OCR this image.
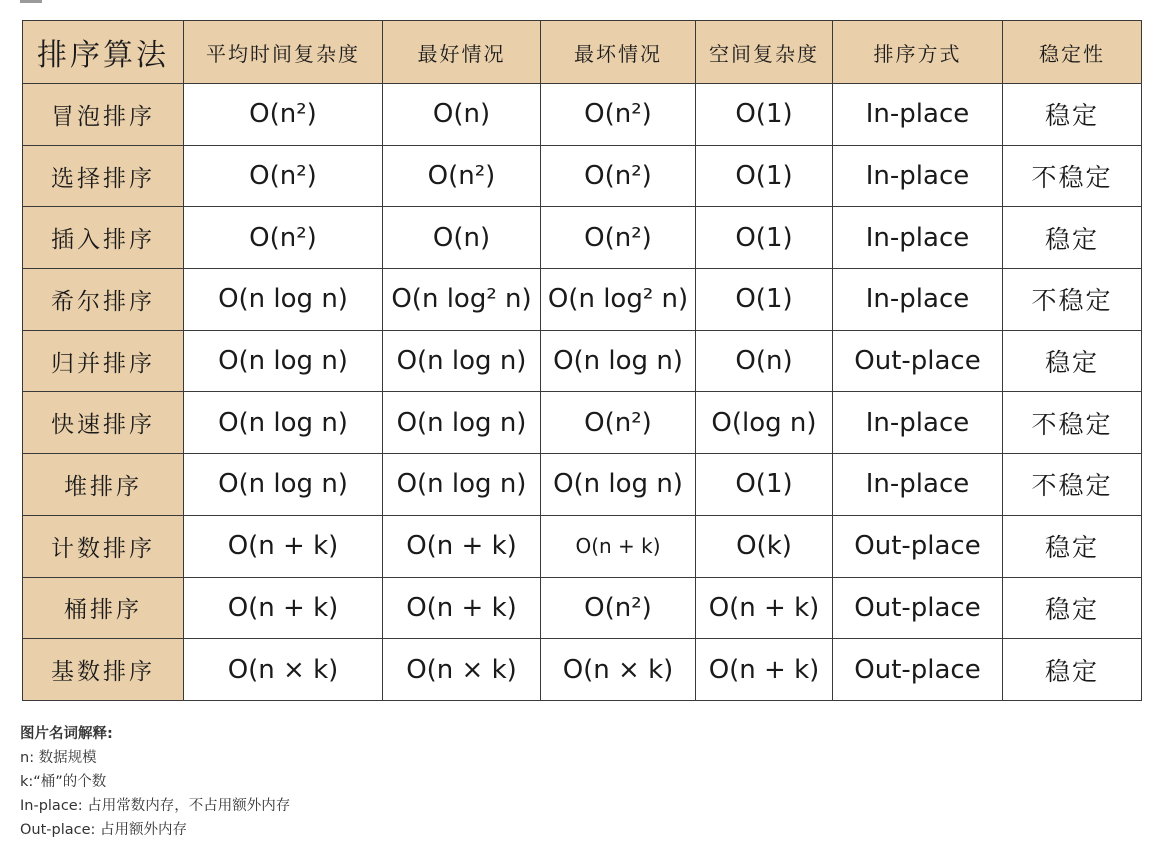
排序算法	平均时间复杂度	最好情况	最坏情况	空间复杂度	排序方式	稳定性
冒泡排序	O(n²)	O(n)	O(n²)	O(1)	In-place	稳定
选择排序	O(n²)	O(n²)	O(n²)	O(1)	In-place	不稳定
插入排序	O(n²)	O(n)	O(n²)	O(1)	In-place	稳定
希尔排序	O(n log n)	O(n log² n)	O(n log² n)	O(1)	In-place	不稳定
归并排序	O(n log n)	O(n log n)	O(n log n)	O(n)	Out-place	稳定
快速排序	O(n log n)	O(n log n)	O(n²)	O(log n)	In-place	不稳定
堆排序	O(n log n)	O(n log n)	O(n log n)	O(1)	In-place	不稳定
计数排序	O(n + k)	O(n + k)	O(n + k)	O(k)	Out-place	稳定
桶排序	O(n + k)	O(n + k)	O(n²)	O(n + k)	Out-place	稳定
基数排序	O(n × k)	O(n × k)	O(n × k)	O(n + k)	Out-place	稳定
图片名词解释:
n: 数据规模
k:“桶”的个数
In-place: 占用常数内存，不占用额外内存
Out-place: 占用额外内存
